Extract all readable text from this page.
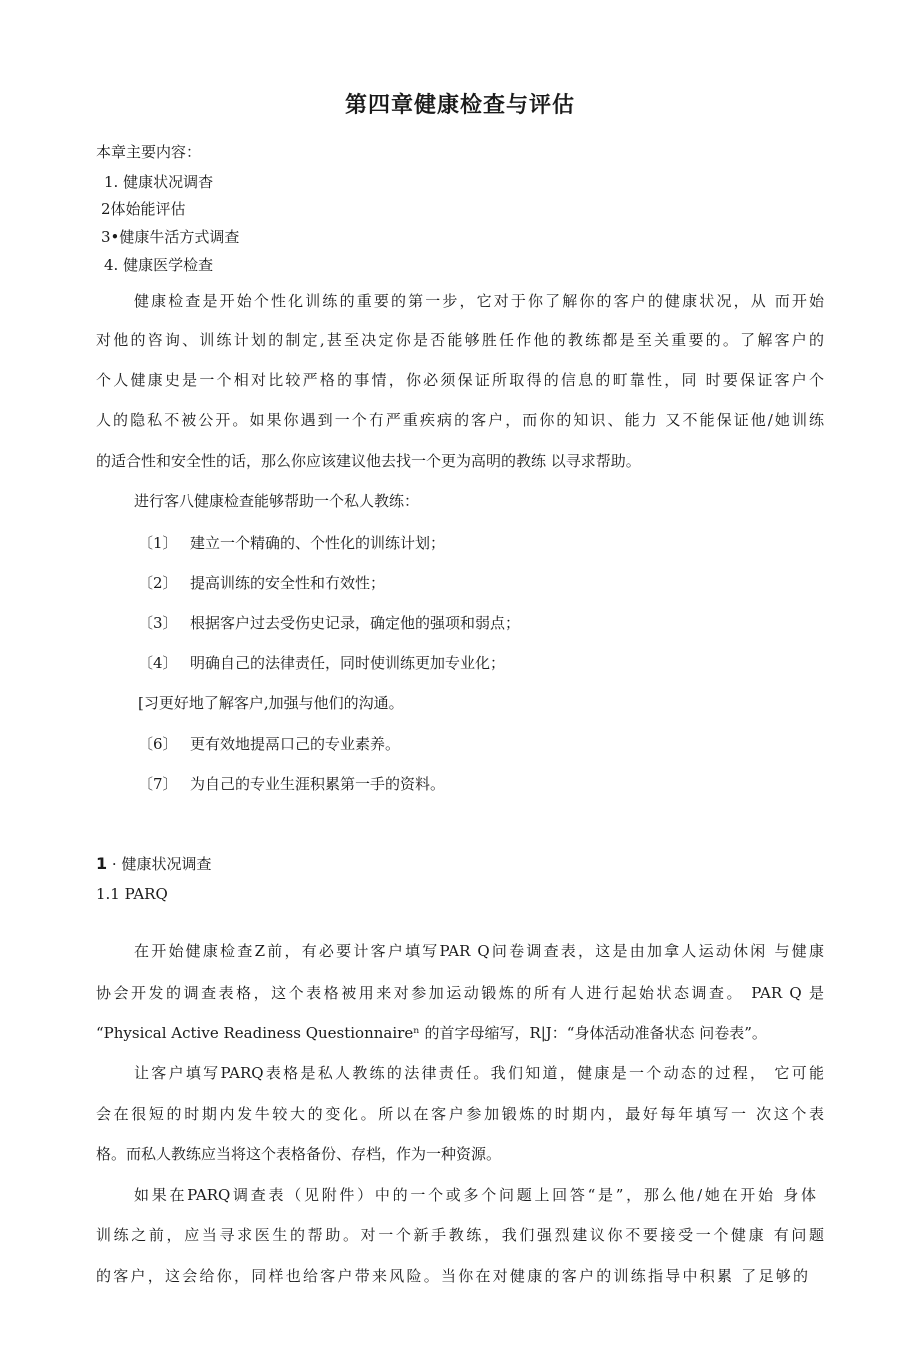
第四章健康检查与评估

本章主要内容：

1. 健康状况调杳

2体始能评估

3•健康牛活方式调查

4. 健康医学检查

健康检查是开始个性化训练的重要的第一步，它对于你了解你的客户的健康状况，从 而开始

对他的咨询、训练计划的制定,甚至决定你是否能够胜任作他的教练都是至关重要的。了解客户的

个人健康史是一个相对比较严格的事情，你必须保证所取得的信息的町靠性，同 时要保证客户个

人的隐私不被公开。如果你遇到一个冇严重疾病的客户，而你的知识、能力 又不能保证他/她训练

的适合性和安全性的话，那么你应该建议他去找一个更为高明的教练 以寻求帮助。

进行客八健康检查能够帮助一个私人教练：

〔1〕 建立一个精确的、个性化的训练计划；

〔2〕 提高训练的安全性和冇效性；

〔3〕 根据客户过去受伤史记录，确定他的强项和弱点；

〔4〕 明确自己的法律责任，同时使训练更加专业化；

[习更好地了解客户,加强与他们的沟通。

〔6〕 更有效地提鬲口己的专业素养。

〔7〕 为自己的专业生涯积累第一手的资料。

1 · 健康状况调查

1.1 PARQ

在开始健康检查Z前，有必要计客户填写PAR Q问卷调查表，这是由加拿人运动休闲 与健康

协会开发的调查表格，这个表格被用来对参加运动锻炼的所有人进行起始状态调查。 PAR Q 是

“Physical Active Readiness Questionnaireⁿ 的首字母缩写，R|J：“身体活动准备状态 问卷表”。

让客户填写PARQ表格是私人教练的法律责任。我们知道，健康是一个动态的过程， 它可能

会在很短的时期内发牛较大的变化。所以在客户参加锻炼的时期内，最好每年填写一 次这个表

格。而私人教练应当将这个表格备份、存档，作为一种资源。

如果在PARQ调查表（见附件）中的一个或多个问题上回答“是”，那么他/她在开始 身体

训练之前，应当寻求医生的帮助。对一个新手教练，我们强烈建议你不要接受一个健康 有问题

的客户，这会给你，同样也给客户带来风险。当你在对健康的客户的训练指导中积累 了足够的
